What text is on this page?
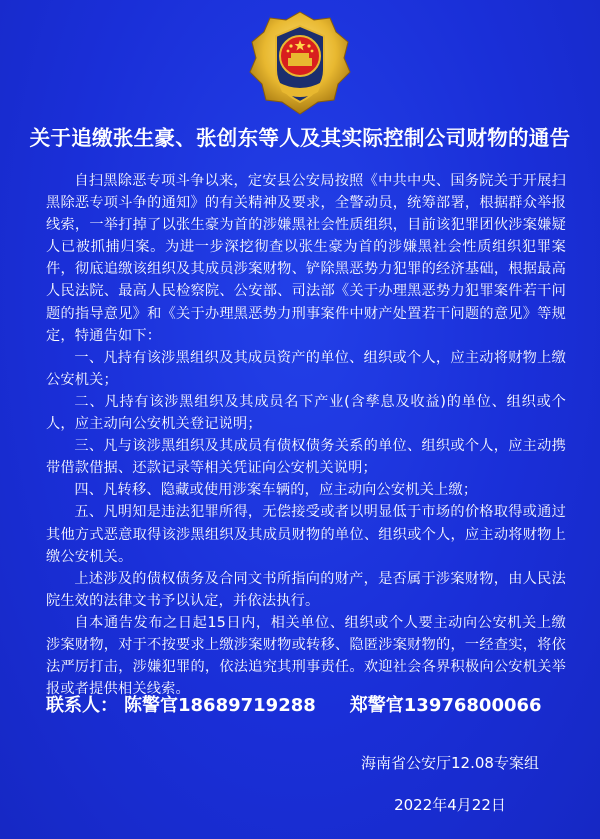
关于追缴张生豪、张创东等人及其实际控制公司财物的通告

自扫黑除恶专项斗争以来，定安县公安局按照《中共中央、国务院关于开展扫黑除恶专项斗争的通知》的有关精神及要求，全警动员，统筹部署，根据群众举报线索，一举打掉了以张生豪为首的涉嫌黑社会性质组织，目前该犯罪团伙涉案嫌疑人已被抓捕归案。为进一步深挖彻查以张生豪为首的涉嫌黑社会性质组织犯罪案件，彻底追缴该组织及其成员涉案财物、铲除黑恶势力犯罪的经济基础，根据最高人民法院、最高人民检察院、公安部、司法部《关于办理黑恶势力犯罪案件若干问题的指导意见》和《关于办理黑恶势力刑事案件中财产处置若干问题的意见》等规定，特通告如下：

一、凡持有该涉黑组织及其成员资产的单位、组织或个人，应主动将财物上缴公安机关；

二、凡持有该涉黑组织及其成员名下产业(含孳息及收益)的单位、组织或个人，应主动向公安机关登记说明；

三、凡与该涉黑组织及其成员有债权债务关系的单位、组织或个人，应主动携带借款借据、还款记录等相关凭证向公安机关说明；

四、凡转移、隐藏或使用涉案车辆的，应主动向公安机关上缴；

五、凡明知是违法犯罪所得，无偿接受或者以明显低于市场的价格取得或通过其他方式恶意取得该涉黑组织及其成员财物的单位、组织或个人，应主动将财物上缴公安机关。

上述涉及的债权债务及合同文书所指向的财产，是否属于涉案财物，由人民法院生效的法律文书予以认定，并依法执行。

自本通告发布之日起15日内，相关单位、组织或个人要主动向公安机关上缴涉案财物，对于不按要求上缴涉案财物或转移、隐匿涉案财物的，一经查实，将依法严厉打击，涉嫌犯罪的，依法追究其刑事责任。欢迎社会各界积极向公安机关举报或者提供相关线索。

联系人： 陈警官18689719288 郑警官13976800066
海南省公安厅12.08专案组
2022年4月22日
